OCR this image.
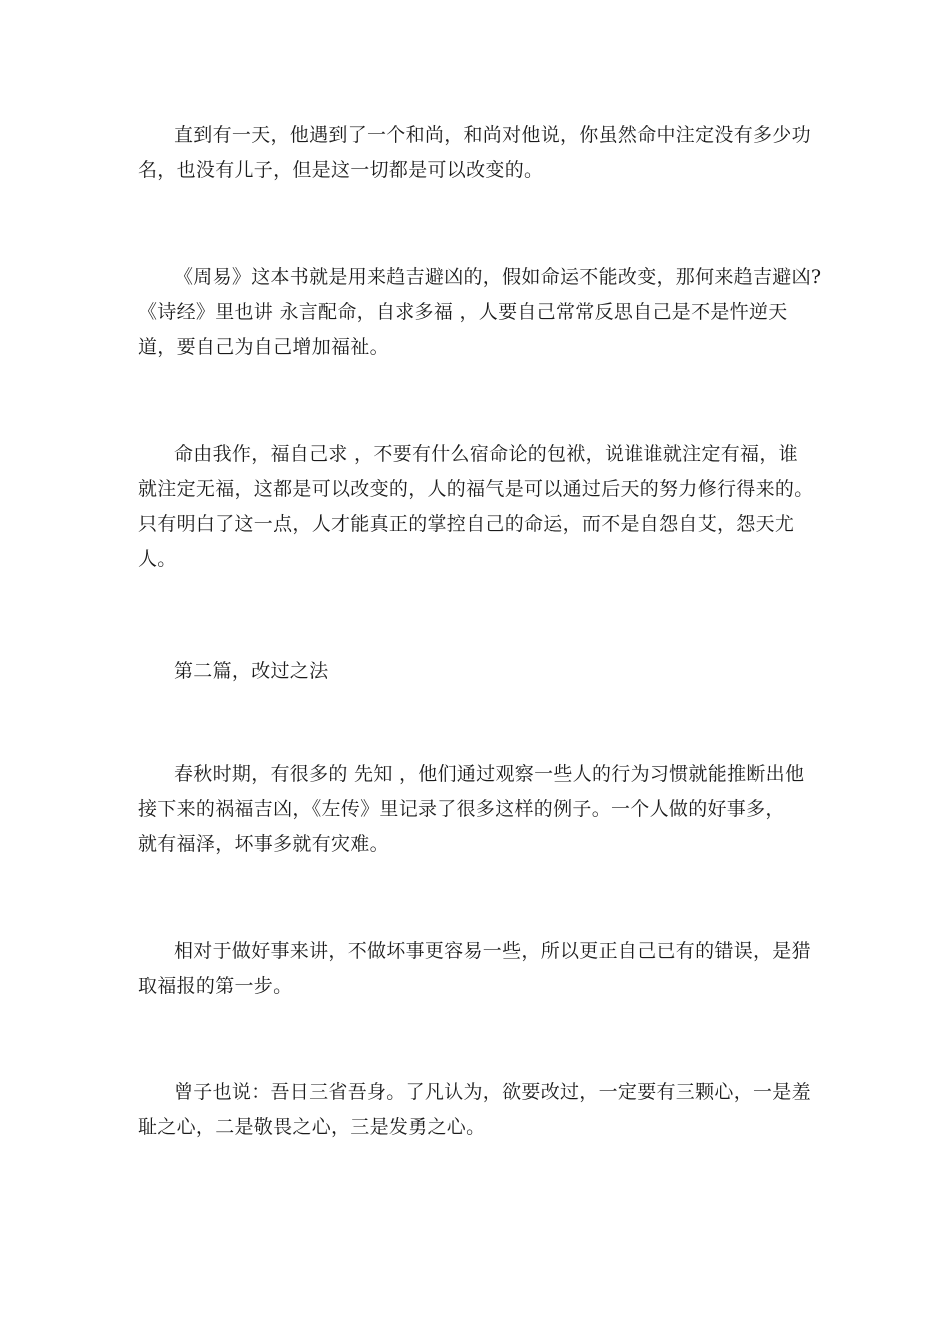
直到有一天，他遇到了一个和尚，和尚对他说，你虽然命中注定没有多少功
名，也没有儿子，但是这一切都是可以改变的。
《周易》这本书就是用来趋吉避凶的，假如命运不能改变，那何来趋吉避凶?
《诗经》里也讲 永言配命，自求多福 ，人要自己常常反思自己是不是忤逆天
道，要自己为自己增加福祉。
命由我作，福自己求 ，不要有什么宿命论的包袱，说谁谁就注定有福，谁
就注定无福，这都是可以改变的，人的福气是可以通过后天的努力修行得来的。
只有明白了这一点，人才能真正的掌控自己的命运，而不是自怨自艾，怨天尤
人。
第二篇，改过之法
春秋时期，有很多的 先知 ，他们通过观察一些人的行为习惯就能推断出他
接下来的祸福吉凶，《左传》里记录了很多这样的例子。一个人做的好事多，
就有福泽，坏事多就有灾难。
相对于做好事来讲，不做坏事更容易一些，所以更正自己已有的错误，是猎
取福报的第一步。
曾子也说：吾日三省吾身。了凡认为，欲要改过，一定要有三颗心，一是羞
耻之心，二是敬畏之心，三是发勇之心。
